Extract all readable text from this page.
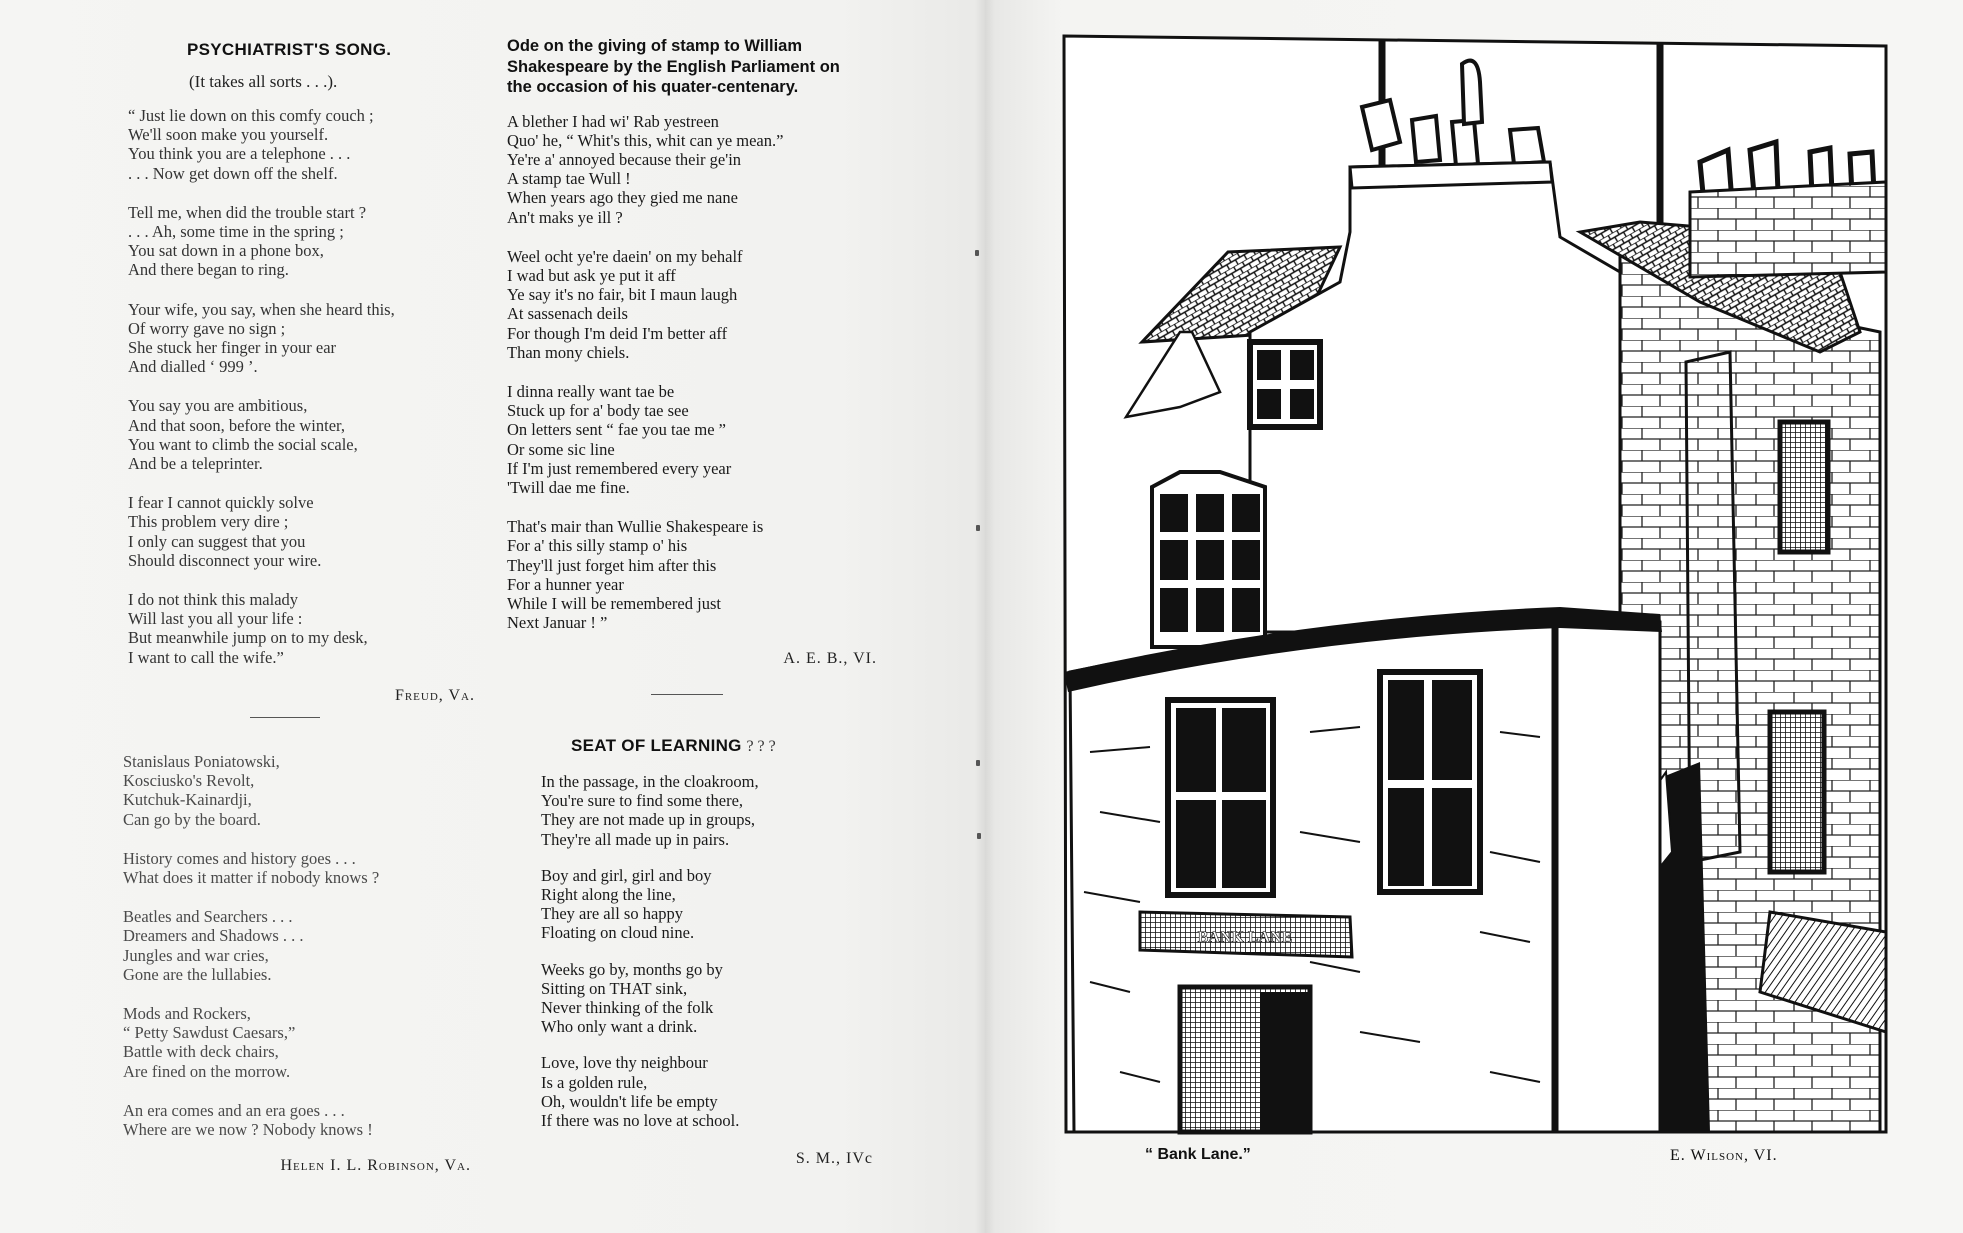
PSYCHIATRIST'S SONG.
(It takes all sorts . . .).
“ Just lie down on this comfy couch ;
We'll soon make you yourself.
You think you are a telephone . . .
. . . Now get down off the shelf.
Tell me, when did the trouble start ?
. . . Ah, some time in the spring ;
You sat down in a phone box,
And there began to ring.
Your wife, you say, when she heard this,
Of worry gave no sign ;
She stuck her finger in your ear
And dialled ‘ 999 ’.
You say you are ambitious,
And that soon, before the winter,
You want to climb the social scale,
And be a teleprinter.
I fear I cannot quickly solve
This problem very dire ;
I only can suggest that you
Should disconnect your wire.
I do not think this malady
Will last you all your life :
But meanwhile jump on to my desk,
I want to call the wife.”
Freud, Va.
Stanislaus Poniatowski,
Kosciusko's Revolt,
Kutchuk-Kainardji,
Can go by the board.
History comes and history goes . . .
What does it matter if nobody knows ?
Beatles and Searchers . . .
Dreamers and Shadows . . .
Jungles and war cries,
Gone are the lullabies.
Mods and Rockers,
“ Petty Sawdust Caesars,”
Battle with deck chairs,
Are fined on the morrow.
An era comes and an era goes . . .
Where are we now ? Nobody knows !
Helen I. L. Robinson, Va.
Ode on the giving of stamp to William
Shakespeare by the English Parliament on
the occasion of his quater-centenary.
A blether I had wi' Rab yestreen
Quo' he, “ Whit's this, whit can ye mean.”
Ye're a' annoyed because their ge'in
A stamp tae Wull !
When years ago they gied me nane
An't maks ye ill ?
Weel ocht ye're daein' on my behalf
I wad but ask ye put it aff
Ye say it's no fair, bit I maun laugh
At sassenach deils
For though I'm deid I'm better aff
Than mony chiels.
I dinna really want tae be
Stuck up for a' body tae see
On letters sent “ fae you tae me ”
Or some sic line
If I'm just remembered every year
'Twill dae me fine.
That's mair than Wullie Shakespeare is
For a' this silly stamp o' his
They'll just forget him after this
For a hunner year
While I will be remembered just
Next Januar ! ”
A. E. B., VI.
SEAT OF LEARNING ? ? ?
In the passage, in the cloakroom,
You're sure to find some there,
They are not made up in groups,
They're all made up in pairs.
Boy and girl, girl and boy
Right along the line,
They are all so happy
Floating on cloud nine.
Weeks go by, months go by
Sitting on THAT sink,
Never thinking of the folk
Who only want a drink.
Love, love thy neighbour
Is a golden rule,
Oh, wouldn't life be empty
If there was no love at school.
S. M., IVc
BANK LANE
“ Bank Lane.”	E. Wilson, VI.
